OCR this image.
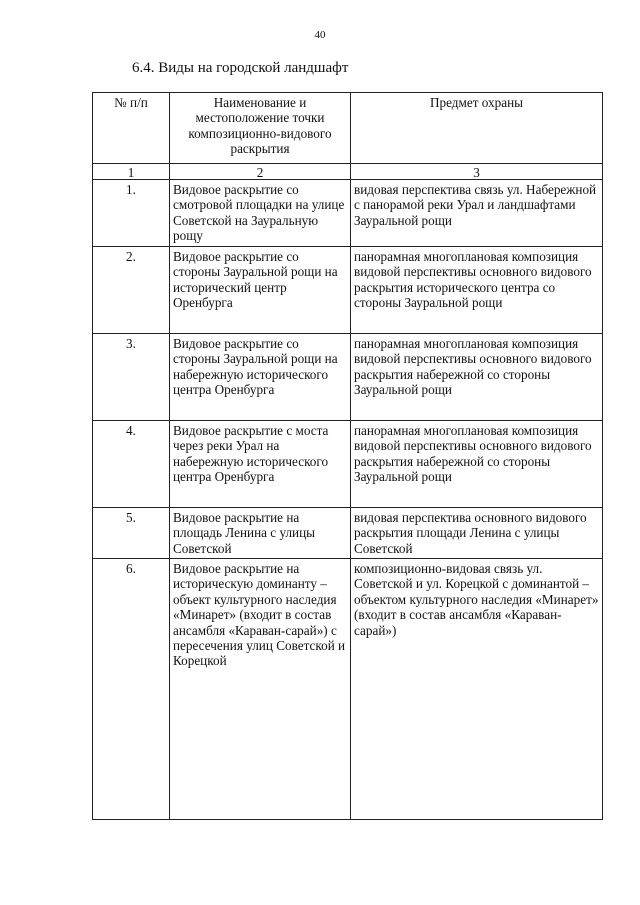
40
6.4. Виды на городской ландшафт
№ п/п	Наименование и местоположение точки композиционно-видового раскрытия	Предмет охраны
1	2	3
1.	Видовое раскрытие со смотровой площадки на улице Советской на Зауральную рощу	видовая перспектива связь ул. Набережной с панорамой реки Урал и ландшафтами Зауральной рощи
2.	Видовое раскрытие со стороны Зауральной рощи на исторический центр Оренбурга	панорамная многоплановая композиция видовой перспективы основного видового раскрытия исторического центра со стороны Зауральной рощи
3.	Видовое раскрытие со стороны Зауральной рощи на набережную исторического центра Оренбурга	панорамная многоплановая композиция видовой перспективы основного видового раскрытия набережной со стороны Зауральной рощи
4.	Видовое раскрытие с моста через реки Урал на набережную исторического центра Оренбурга	панорамная многоплановая композиция видовой перспективы основного видового раскрытия набережной со стороны Зауральной рощи
5.	Видовое раскрытие на площадь Ленина с улицы Советской	видовая перспектива основного видового раскрытия площади Ленина с улицы Советской
6.	Видовое раскрытие на историческую доминанту – объект культурного наследия «Минарет» (входит в состав ансамбля «Караван-сарай») с пересечения улиц Советской и Корецкой	композиционно-видовая связь ул. Советской и ул. Корецкой с доминантой – объектом культурного наследия «Минарет» (входит в состав ансамбля «Караван-сарай»)
